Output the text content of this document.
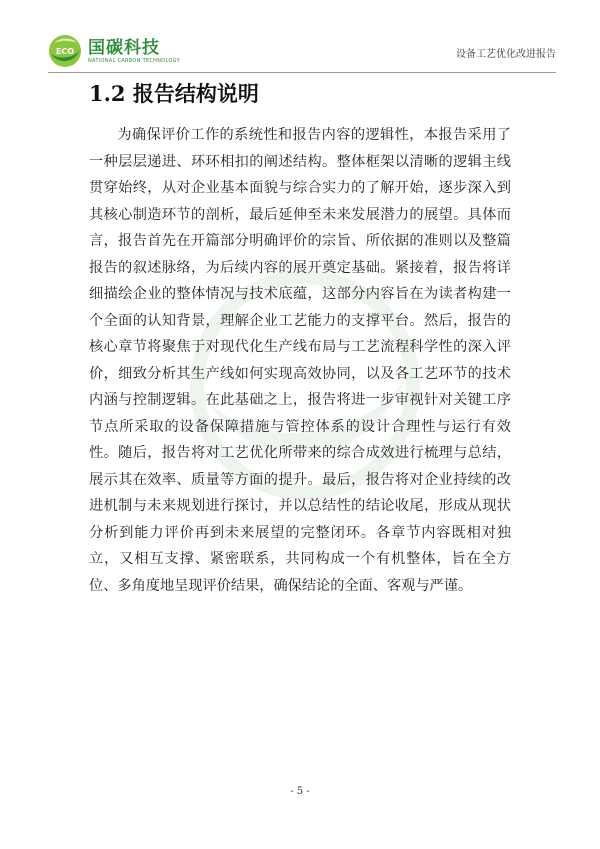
ECO 国碳科技
NATIONAL CARBON TECHNOLOGY
设备工艺优化改进报告
1.2 报告结构说明
为确保评价工作的系统性和报告内容的逻辑性，本报告采用了一种层层递进、环环相扣的阐述结构。整体框架以清晰的逻辑主线贯穿始终，从对企业基本面貌与综合实力的了解开始，逐步深入到其核心制造环节的剖析，最后延伸至未来发展潜力的展望。具体而言，报告首先在开篇部分明确评价的宗旨、所依据的准则以及整篇报告的叙述脉络，为后续内容的展开奠定基础。紧接着，报告将详细描绘企业的整体情况与技术底蕴，这部分内容旨在为读者构建一个全面的认知背景，理解企业工艺能力的支撑平台。然后，报告的核心章节将聚焦于对现代化生产线布局与工艺流程科学性的深入评价，细致分析其生产线如何实现高效协同，以及各工艺环节的技术内涵与控制逻辑。在此基础之上，报告将进一步审视针对关键工序节点所采取的设备保障措施与管控体系的设计合理性与运行有效性。随后，报告将对工艺优化所带来的综合成效进行梳理与总结，展示其在效率、质量等方面的提升。最后，报告将对企业持续的改进机制与未来规划进行探讨，并以总结性的结论收尾，形成从现状分析到能力评价再到未来展望的完整闭环。各章节内容既相对独立，又相互支撑、紧密联系，共同构成一个有机整体，旨在全方位、多角度地呈现评价结果，确保结论的全面、客观与严谨。
- 5 -
